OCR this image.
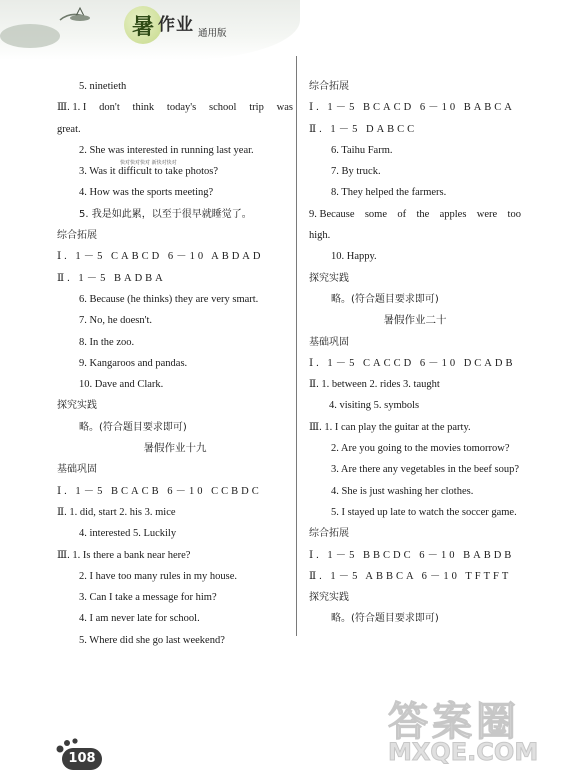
暑 作业 通用版
5. ninetieth
Ⅲ. 1. I don't think today's school trip was
great.
2. She was interested in running last year.
3. Was it difficult to take photos?
4. How was the sports meeting?
5. 我是如此累，以至于很早就睡觉了。
综合拓展
Ⅰ. 1－5 CABCD 6－10 ABDAD
Ⅱ. 1－5 BADBA
6. Because (he thinks) they are very smart.
7. No, he doesn't.
8. In the zoo.
9. Kangaroos and pandas.
10. Dave and Clark.
探究实践
略。(符合题目要求即可)
暑假作业十九
基础巩固
Ⅰ. 1－5 BCACB 6－10 CCBDC
Ⅱ. 1. did, start 2. his 3. mice
4. interested 5. Luckily
Ⅲ. 1. Is there a bank near here?
2. I have too many rules in my house.
3. Can I take a message for him?
4. I am never late for school.
5. Where did she go last weekend?
综合拓展
Ⅰ. 1－5 BCACD 6－10 BABCA
Ⅱ. 1－5 DABCC
6. Taihu Farm.
7. By truck.
8. They helped the farmers.
9. Because some of the apples were too
high.
10. Happy.
探究实践
略。(符合题目要求即可)
暑假作业二十
基础巩固
Ⅰ. 1－5 CACCD 6－10 DCADB
Ⅱ. 1. between 2. rides 3. taught
4. visiting 5. symbols
Ⅲ. 1. I can play the guitar at the party.
2. Are you going to the movies tomorrow?
3. Are there any vegetables in the beef soup?
4. She is just washing her clothes.
5. I stayed up late to watch the soccer game.
综合拓展
Ⅰ. 1－5 BBCDC 6－10 BABDB
Ⅱ. 1－5 ABBCA 6－10 TFTFT
探究实践
略。(符合题目要求即可)
快对快对快对 新快对快对
108
答案圈
MXQE.COM
